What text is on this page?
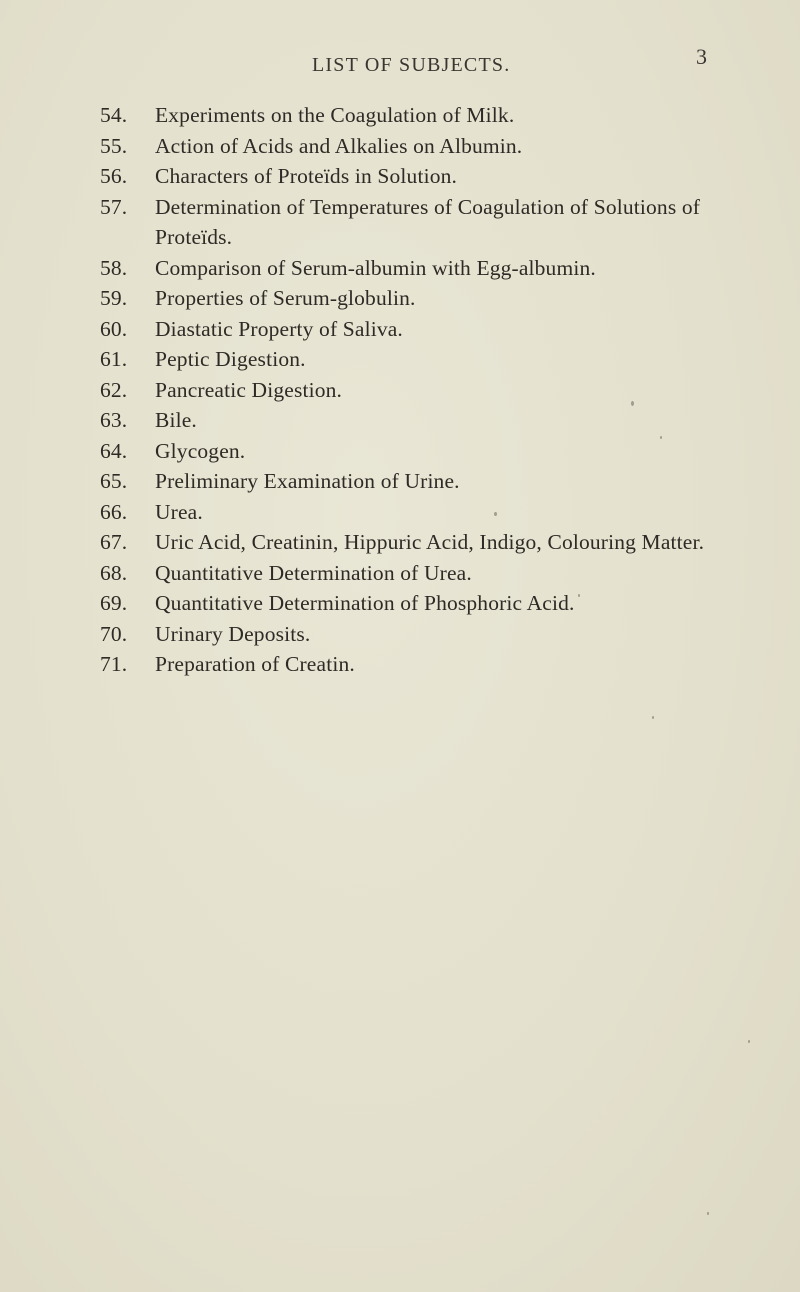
LIST OF SUBJECTS.	3
54.	Experiments on the Coagulation of Milk.
55.	Action of Acids and Alkalies on Albumin.
56.	Characters of Proteïds in Solution.
57.	Determination of Temperatures of Coagulation of Solutions of Proteïds.
58.	Comparison of Serum-albumin with Egg-albumin.
59.	Properties of Serum-globulin.
60.	Diastatic Property of Saliva.
61.	Peptic Digestion.
62.	Pancreatic Digestion.
63.	Bile.
64.	Glycogen.
65.	Preliminary Examination of Urine.
66.	Urea.
67.	Uric Acid, Creatinin, Hippuric Acid, Indigo, Colouring Matter.
68.	Quantitative Determination of Urea.
69.	Quantitative Determination of Phosphoric Acid.
70.	Urinary Deposits.
71.	Preparation of Creatin.
